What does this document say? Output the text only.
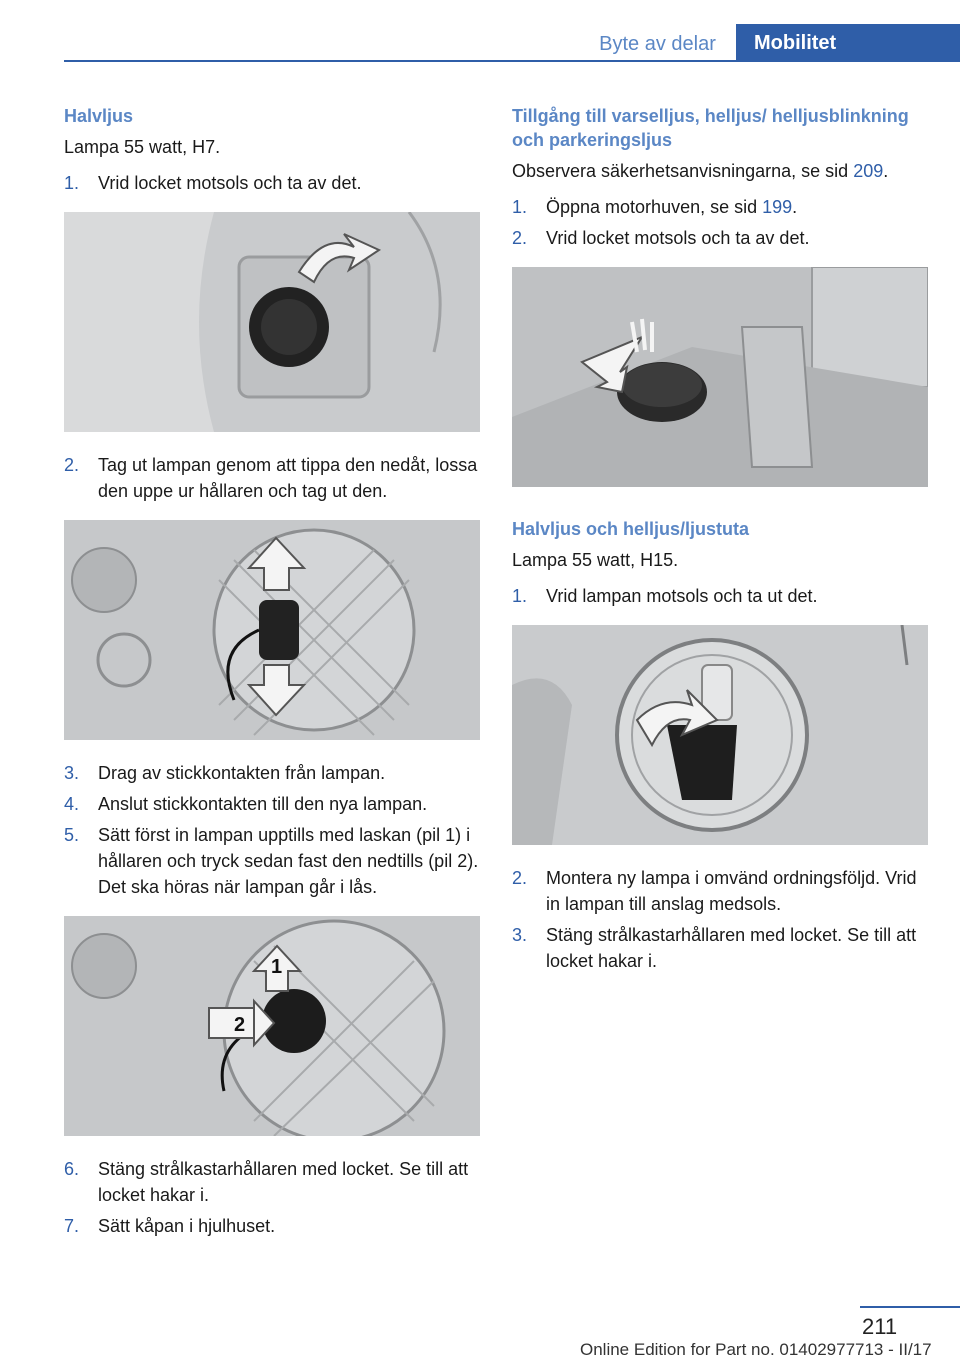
Byte av delar	Mobilitet
Halvljus
Lampa 55 watt, H7.
1.	Vrid locket motsols och ta av det.
2.	Tag ut lampan genom att tippa den nedåt, lossa den uppe ur hållaren och tag ut den.
3.	Drag av stickkontakten från lampan.
4.	Anslut stickkontakten till den nya lampan.
5.	Sätt först in lampan upptills med laskan (pil 1) i hållaren och tryck sedan fast den nedtills (pil 2). Det ska höras när lampan går i lås.
1
2
6.	Stäng strålkastarhållaren med locket. Se till att locket hakar i.
7.	Sätt kåpan i hjulhuset.
Tillgång till varselljus, helljus/ helljusblinkning och parkeringsljus
Observera säkerhetsanvisningarna, se sid 209.
1.	Öppna motorhuven, se sid 199.
2.	Vrid locket motsols och ta av det.
Halvljus och helljus/ljustuta
Lampa 55 watt, H15.
1.	Vrid lampan motsols och ta ut det.
2.	Montera ny lampa i omvänd ordningsföljd. Vrid in lampan till anslag medsols.
3.	Stäng strålkastarhållaren med locket. Se till att locket hakar i.
211
Online Edition for Part no. 01402977713 - II/17
